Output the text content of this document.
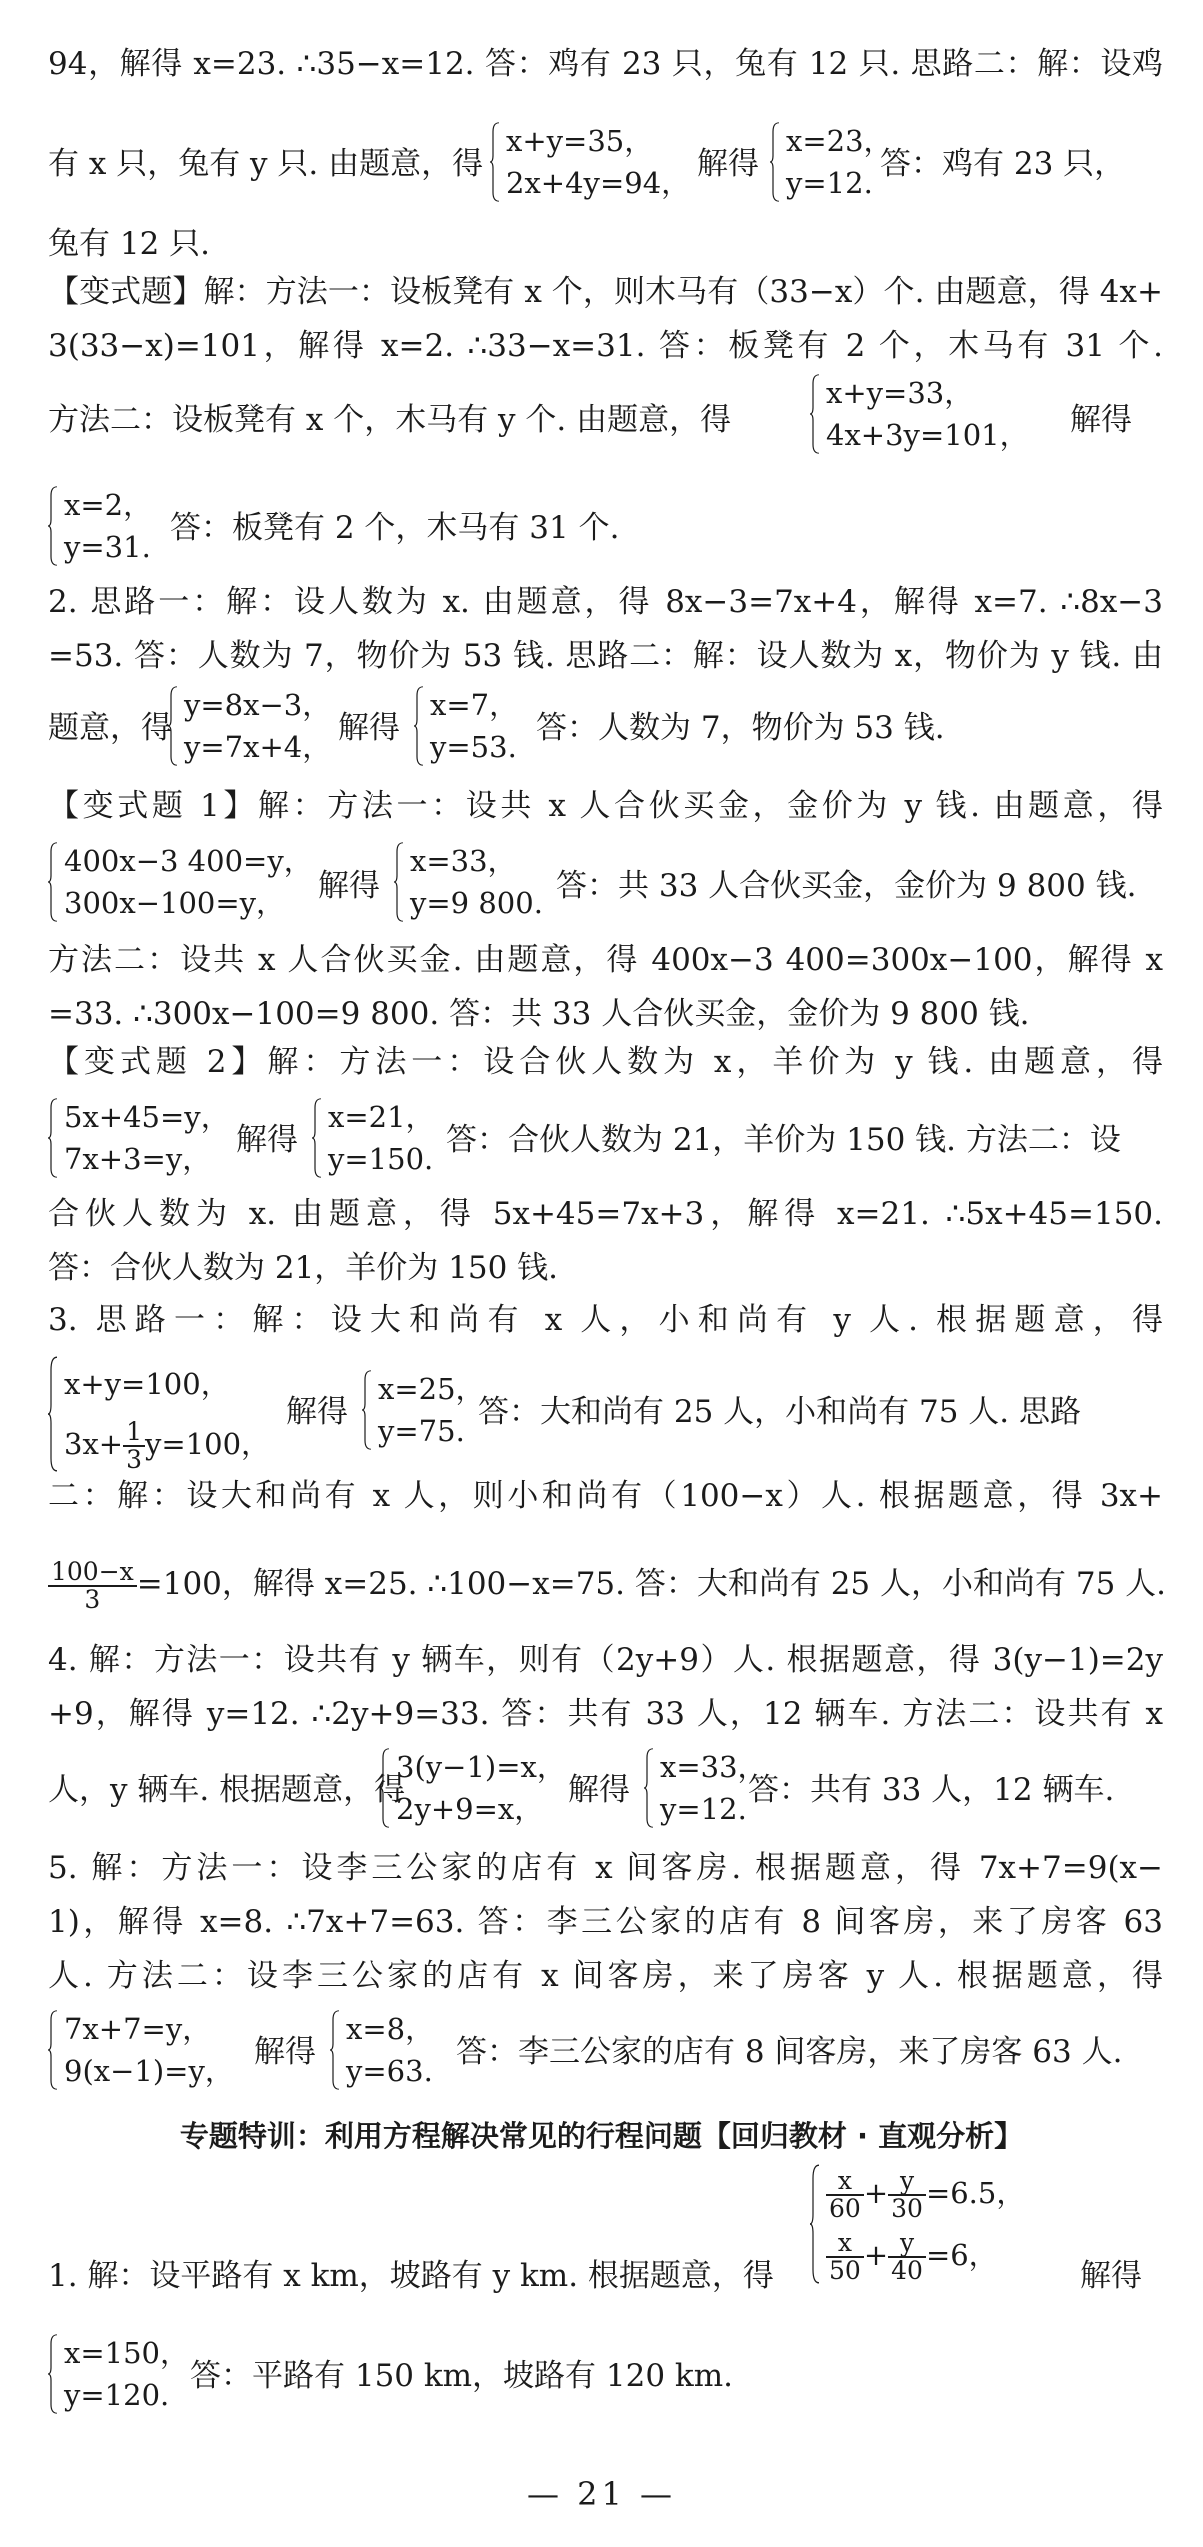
94，解得 x=23. ∴35−x=12. 答：鸡有 23 只，兔有 12 只. 思路二：解：设鸡
有 x 只，兔有 y 只. 由题意，得
x+y=35，
2x+4y=94，
解得
x=23，
y=12.
答：鸡有 23 只，
兔有 12 只.
【变式题】解：方法一：设板凳有 x 个，则木马有（33−x）个. 由题意，得 4x+
3(33−x)=101，解得 x=2. ∴33−x=31. 答：板凳有 2 个，木马有 31 个.
方法二：设板凳有 x 个，木马有 y 个. 由题意，得
x+y=33，
4x+3y=101， 解得
x=2，
y=31.
答：板凳有 2 个，木马有 31 个.
2. 思路一：解：设人数为 x. 由题意，得 8x−3=7x+4，解得 x=7. ∴8x−3
=53. 答：人数为 7，物价为 53 钱. 思路二：解：设人数为 x，物价为 y 钱. 由
题意，得
y=8x−3，
y=7x+4，
解得
x=7，
y=53.
答：人数为 7，物价为 53 钱.
【变式题 1】解：方法一：设共 x 人合伙买金，金价为 y 钱. 由题意，得
400x−3 400=y，
300x−100=y，	解得
x=33，
y=9 800. 答：共 33 人合伙买金，金价为 9 800 钱.
方法二：设共 x 人合伙买金. 由题意，得 400x−3 400=300x−100，解得 x
=33. ∴300x−100=9 800. 答：共 33 人合伙买金，金价为 9 800 钱.
【变式题 2】解：方法一：设合伙人数为 x，羊价为 y 钱. 由题意，得
5x+45=y，
7x+3=y，
解得
x=21，
y=150.
答：合伙人数为 21，羊价为 150 钱. 方法二：设
合伙人数为 x. 由题意，得 5x+45=7x+3，解得 x=21. ∴5x+45=150.
答：合伙人数为 21，羊价为 150 钱.
3. 思路一：解：设大和尚有 x 人，小和尚有 y 人. 根据题意，得
x+y=100，
$3x+ \frac{1}{3} y=100$，
解得
x=25，
y=75.
答：大和尚有 25 人，小和尚有 75 人. 思路
二：解：设大和尚有 x 人，则小和尚有（100−x）人. 根据题意，得 3x+
$\frac{100-x}{3} =100$，解得 x=25. ∴100−x=75. 答：大和尚有 25 人，小和尚有 75 人.
4. 解：方法一：设共有 y 辆车，则有（2y+9）人. 根据题意，得 3(y−1)=2y
+9，解得 y=12. ∴2y+9=33. 答：共有 33 人，12 辆车. 方法二：设共有 x
人，y 辆车. 根据题意，得
3(y−1)=x，
2y+9=x，
解得
x=33，
y=12.
答：共有 33 人，12 辆车.
5. 解：方法一：设李三公家的店有 x 间客房. 根据题意，得 7x+7=9(x−
1)，解得 x=8. ∴7x+7=63. 答：李三公家的店有 8 间客房，来了房客 63
人. 方法二：设李三公家的店有 x 间客房，来了房客 y 人. 根据题意，得
7x+7=y，
9(x−1)=y，
解得
x=8，
y=63.
答：李三公家的店有 8 间客房，来了房客 63 人.
专题特训：利用方程解决常见的行程问题【回归教材 · 直观分析】
1. 解：设平路有 x km，坡路有 y km. 根据题意，得
$\frac{x}{60} + \frac{y}{30} =6.5$，
$\frac{x}{50} + \frac{y}{40} =6$，
解得
x=150，
y=120.
答：平路有 150 km，坡路有 120 km.
— 21 —
